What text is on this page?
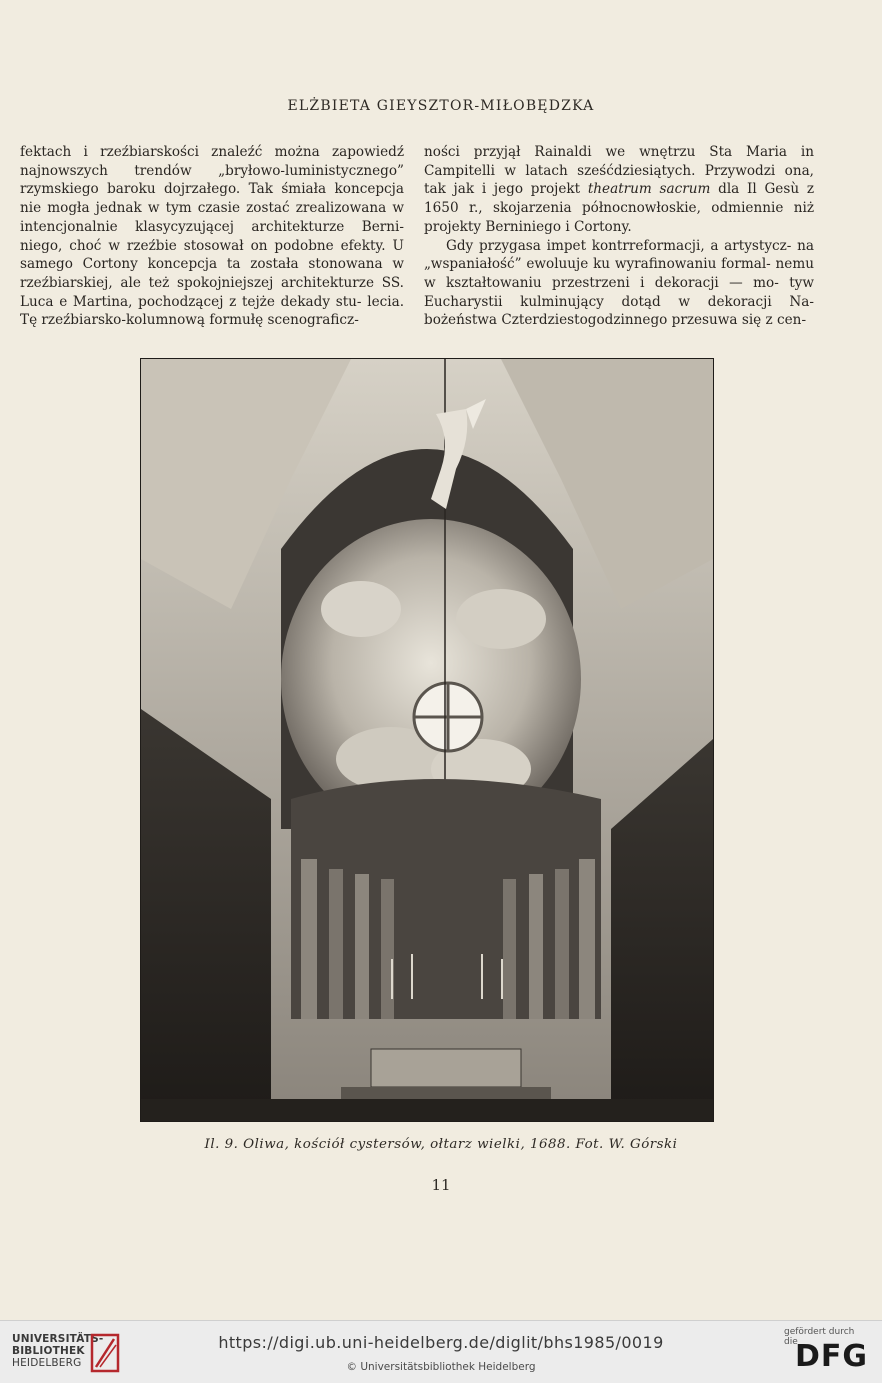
ELŻBIETA GIEYSZTOR-MIŁOBĘDZKA

fektach i rzeźbiarskości znaleźć można zapowiedź najnowszych trendów „bryłowo-luministycznego” rzymskiego baroku dojrzałego. Tak śmiała koncepcja nie mogła jednak w tym czasie zostać zrealizowana w intencjonalnie klasycyzującej architekturze Berni- niego, choć w rzeźbie stosował on podobne efekty. U samego Cortony koncepcja ta została stonowana w rzeźbiarskiej, ale też spokojniejszej architekturze SS. Luca e Martina, pochodzącej z tejże dekady stu- lecia. Tę rzeźbiarsko-kolumnową formułę scenograficz-

ności przyjął Rainaldi we wnętrzu Sta Maria in Campitelli w latach sześćdziesiątych. Przywodzi ona, tak jak i jego projekt theatrum sacrum dla Il Gesù z 1650 r., skojarzenia północnowłoskie, odmiennie niż projekty Berniniego i Cortony.

Gdy przygasa impet kontrreformacji, a artystycz- na „wspaniałość” ewoluuje ku wyrafinowaniu formal- nemu w kształtowaniu przestrzeni i dekoracji — mo- tyw Eucharystii kulminujący dotąd w dekoracji Na- bożeństwa Czterdziestogodzinnego przesuwa się z cen-

Il. 9. Oliwa, kościół cystersów, ołtarz wielki, 1688. Fot. W. Górski
11
UNIVERSITÄTS-
BIBLIOTHEK
HEIDELBERG
https://digi.ub.uni-heidelberg.de/diglit/bhs1985/0019
© Universitätsbibliothek Heidelberg
gefördert durch die
DFG
